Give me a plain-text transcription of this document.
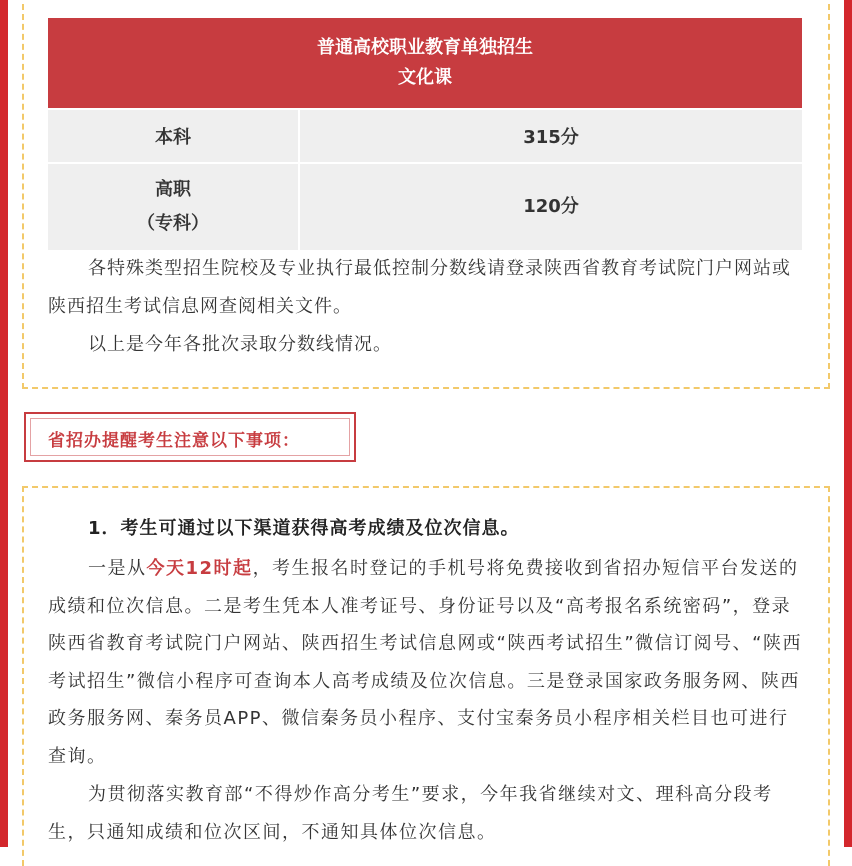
普通高校职业教育单独招生
文化课	

本科	315分

高职
（专科）	120分
各特殊类型招生院校及专业执行最低控制分数线请登录陕西省教育考试院门户网站或陕西招生考试信息网查阅相关文件。
以上是今年各批次录取分数线情况。
省招办提醒考生注意以下事项：
1．考生可通过以下渠道获得高考成绩及位次信息。
一是从今天12时起，考生报名时登记的手机号将免费接收到省招办短信平台发送的成绩和位次信息。二是考生凭本人准考证号、身份证号以及“高考报名系统密码”，登录陕西省教育考试院门户网站、陕西招生考试信息网或“陕西考试招生”微信订阅号、“陕西考试招生”微信小程序可查询本人高考成绩及位次信息。三是登录国家政务服务网、陕西政务服务网、秦务员APP、微信秦务员小程序、支付宝秦务员小程序相关栏目也可进行查询。
为贯彻落实教育部“不得炒作高分考生”要求，今年我省继续对文、理科高分段考生，只通知成绩和位次区间，不通知具体位次信息。
